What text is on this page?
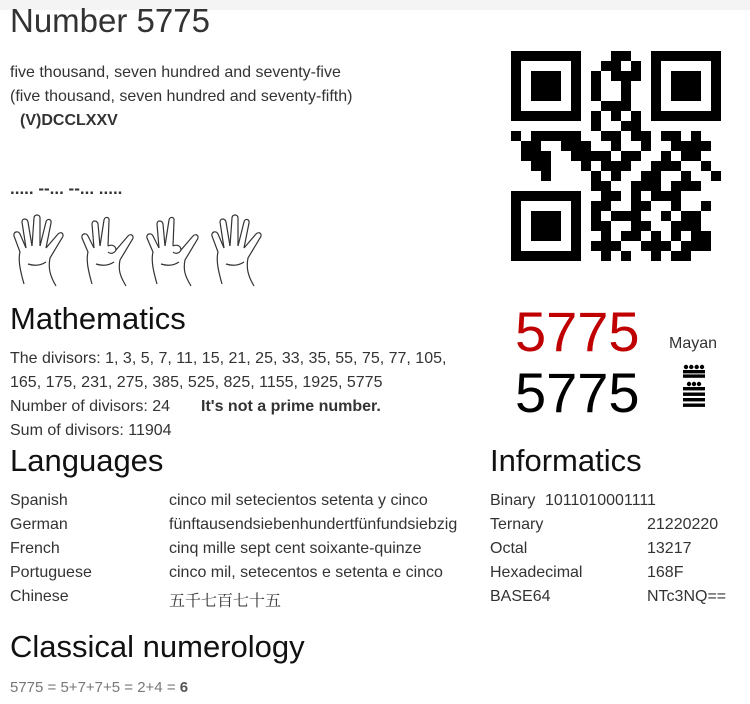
Number 5775
five thousand, seven hundred and seventy-five
(five thousand, seven hundred and seventy-fifth)
(V)DCCLXXV
..... --... --... .....
5775
5775
Mayan
Mathematics
The divisors: 1, 3, 5, 7, 11, 15, 21, 25, 33, 35, 55, 75, 77, 105,
165, 175, 231, 275, 385, 525, 825, 1155, 1925, 5775
Number of divisors: 24 It's not a prime number.
Sum of divisors: 11904
Languages
Spanish	cinco mil setecientos setenta y cinco
German	fünftausendsiebenhundertfünfundsiebzig
French	cinq mille sept cent soixante-quinze
Portuguese	cinco mil, setecentos e setenta e cinco
Chinese	五千七百七十五
Informatics
Binary 1011010001111
Ternary	21220220
Octal	13217
Hexadecimal	168F
BASE64	NTc3NQ==
Classical numerology
5775 = 5+7+7+5 = 2+4 = 6
